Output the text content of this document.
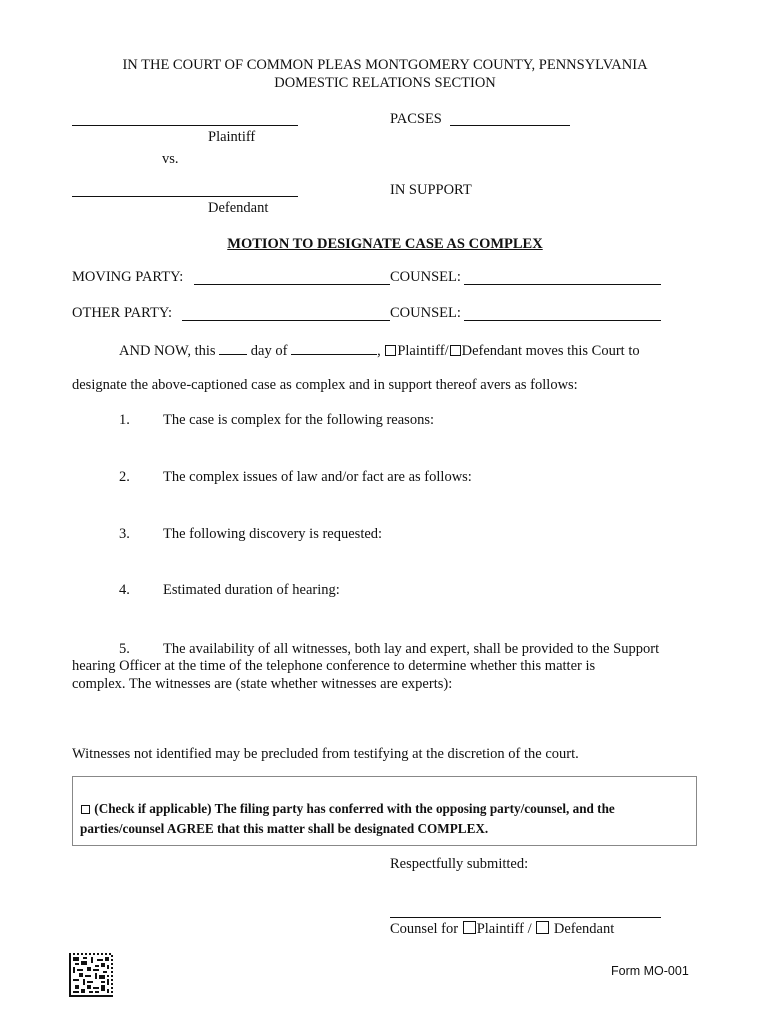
IN THE COURT OF COMMON PLEAS MONTGOMERY COUNTY, PENNSYLVANIA
DOMESTIC RELATIONS SECTION
Plaintiff
vs.
Defendant
PACSES
IN SUPPORT
MOTION TO DESIGNATE CASE AS COMPLEX
MOVING PARTY:	COUNSEL:
OTHER PARTY:	COUNSEL:
AND NOW, this day of	, Plaintiff/ Defendant moves this Court to
designate the above-captioned case as complex and in support thereof avers as follows:
1. The case is complex for the following reasons:
2. The complex issues of law and/or fact are as follows:
3. The following discovery is requested:
4. Estimated duration of hearing:
5. The availability of all witnesses, both lay and expert, shall be provided to the Support
hearing Officer at the time of the telephone conference to determine whether this matter is
complex. The witnesses are (state whether witnesses are experts):
Witnesses not identified may be precluded from testifying at the discretion of the court.
(Check if applicable) The filing party has conferred with the opposing party/counsel, and the
parties/counsel AGREE that this matter shall be designated COMPLEX.
Respectfully submitted:
Counsel for Plaintiff / Defendant
Form MO-001
